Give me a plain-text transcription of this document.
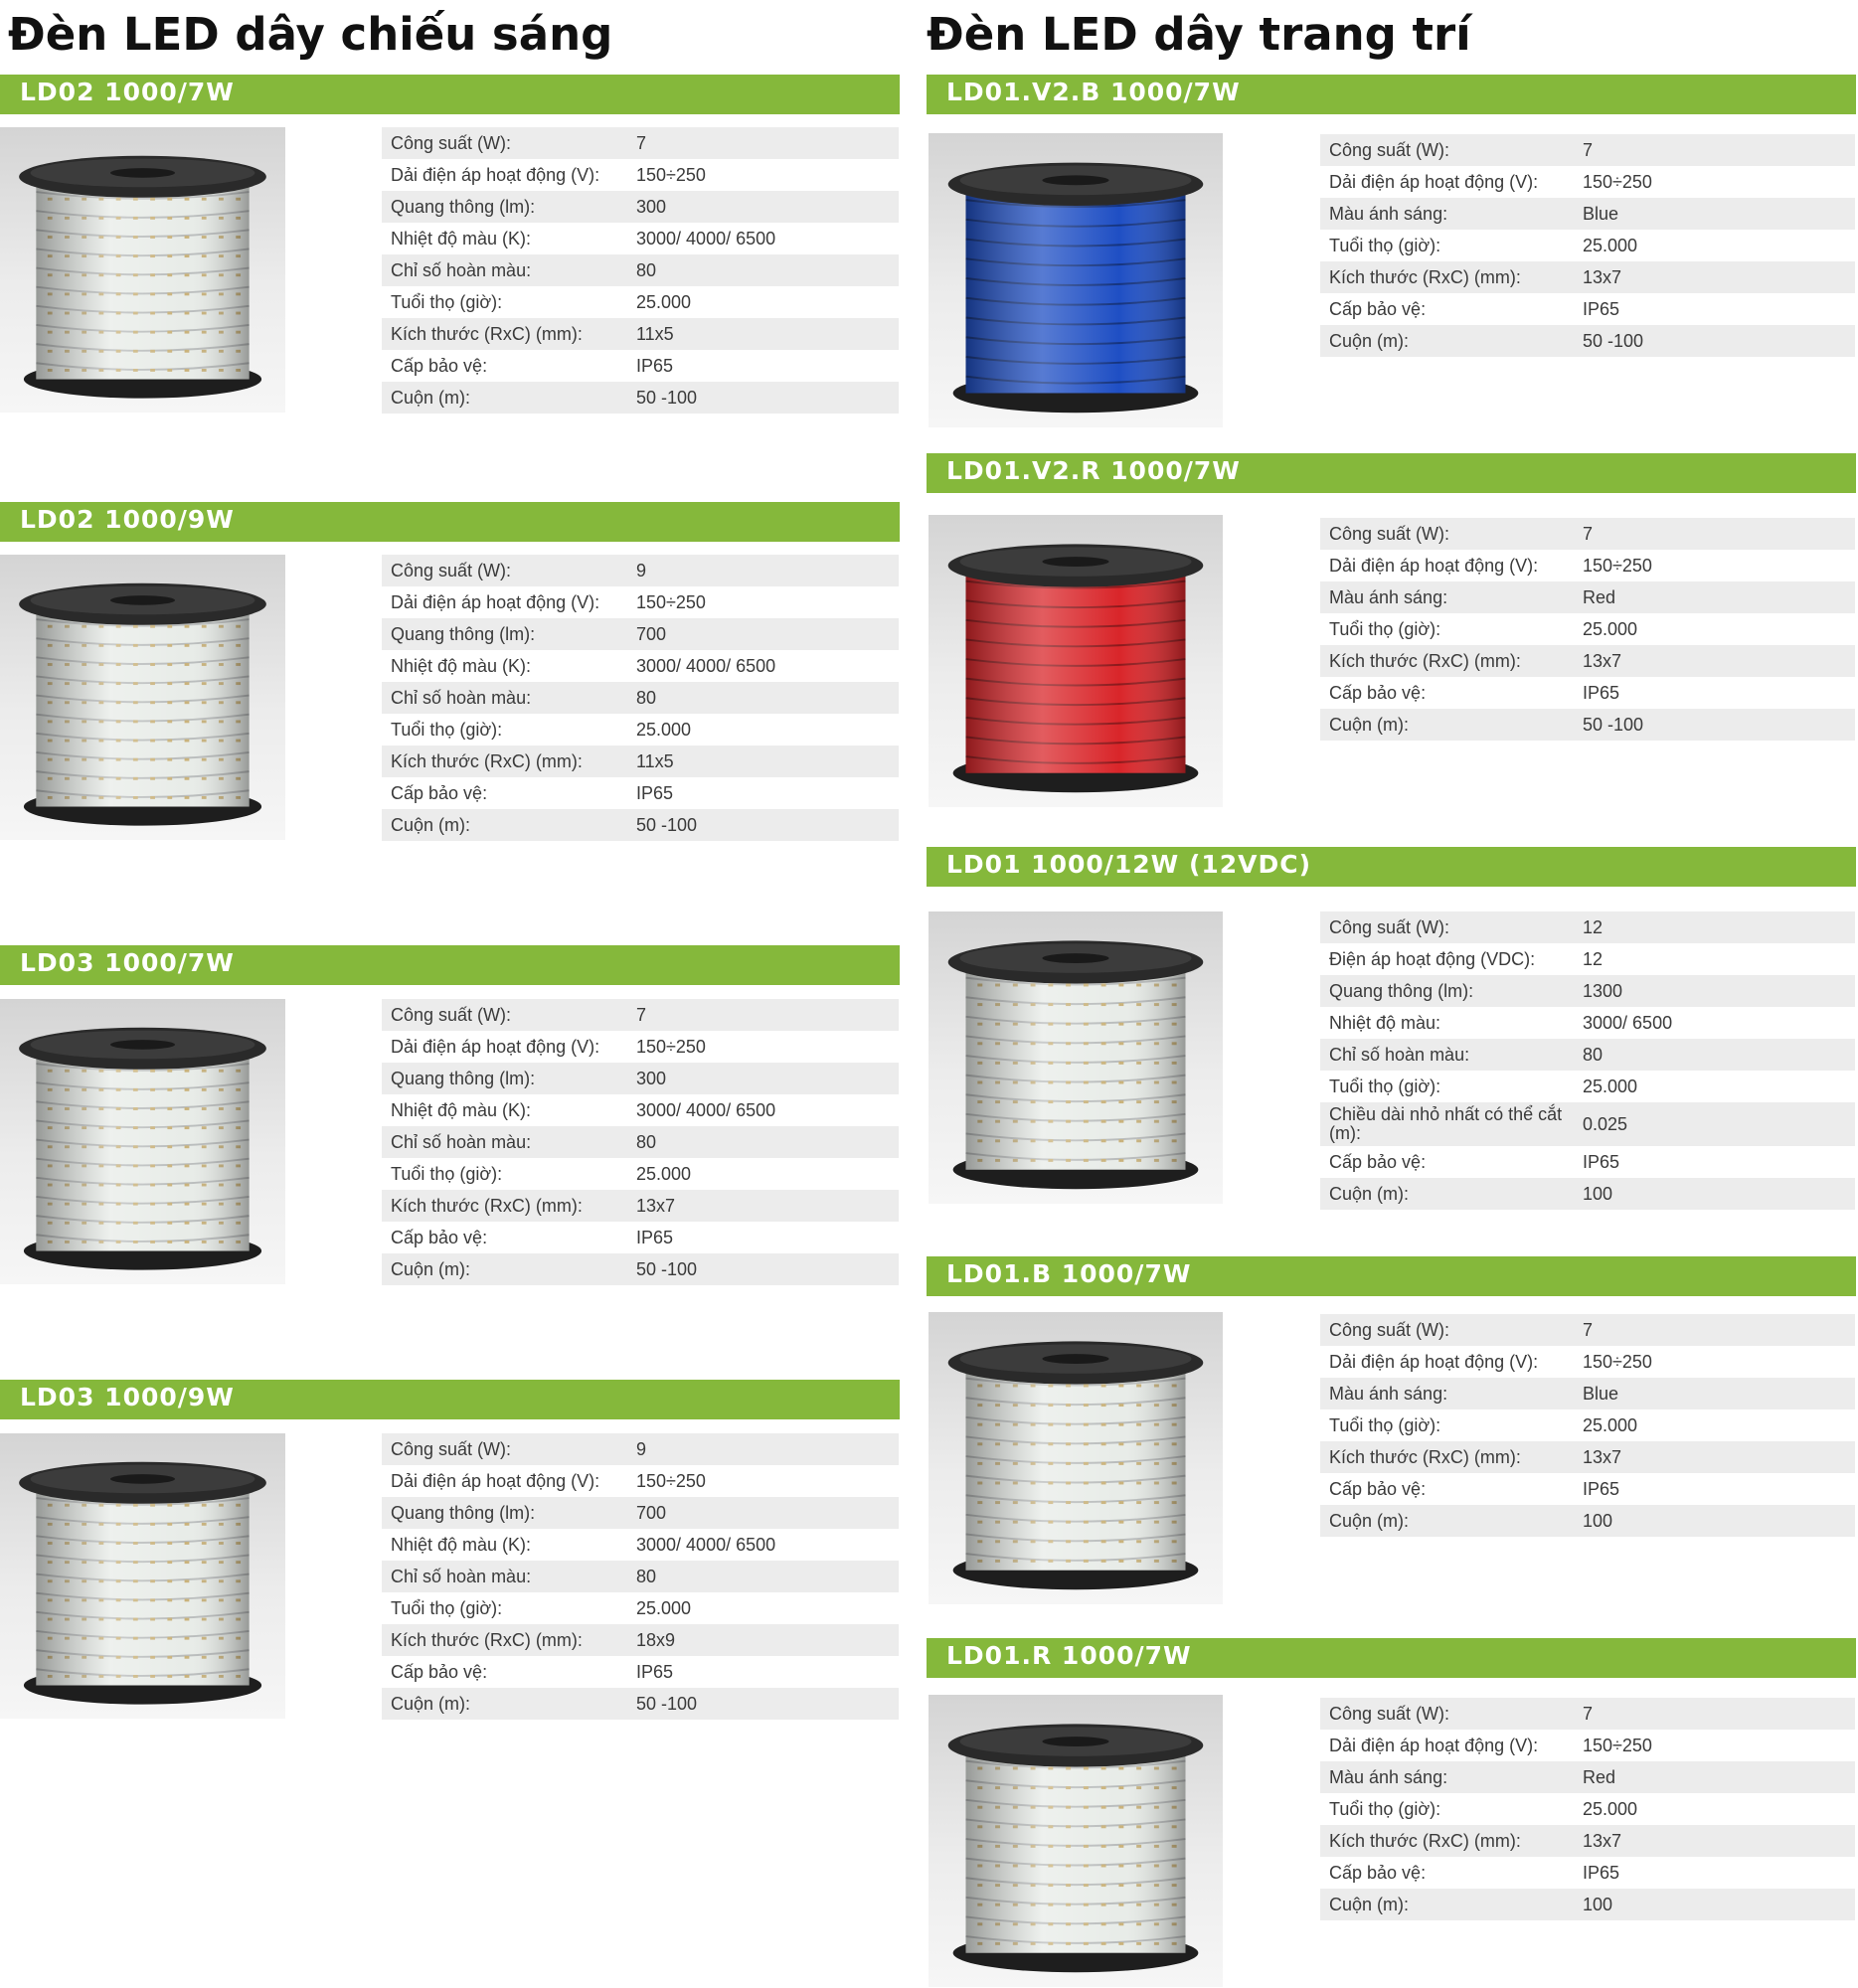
Đèn LED dây chiếu sáng	Đèn LED dây trang trí
LD02 1000/7W
Công suất (W):	7
Dải điện áp hoạt động (V): 150÷250
Quang thông (lm):	300
Nhiệt độ màu (K):	3000/ 4000/ 6500
Chỉ số hoàn màu:	80
Tuổi thọ (giờ):	25.000
Kích thước (RxC) (mm):	11x5
Cấp bảo vệ:	IP65
Cuộn (m):	50 -100
LD02 1000/9W
Công suất (W):	9
Dải điện áp hoạt động (V): 150÷250
Quang thông (lm):	700
Nhiệt độ màu (K):	3000/ 4000/ 6500
Chỉ số hoàn màu:	80
Tuổi thọ (giờ):	25.000
Kích thước (RxC) (mm):	11x5
Cấp bảo vệ:	IP65
Cuộn (m):	50 -100
LD03 1000/7W
Công suất (W):	7
Dải điện áp hoạt động (V): 150÷250
Quang thông (lm):	300
Nhiệt độ màu (K):	3000/ 4000/ 6500
Chỉ số hoàn màu:	80
Tuổi thọ (giờ):	25.000
Kích thước (RxC) (mm):	13x7
Cấp bảo vệ:	IP65
Cuộn (m):	50 -100
LD03 1000/9W
Công suất (W):	9
Dải điện áp hoạt động (V): 150÷250
Quang thông (lm):	700
Nhiệt độ màu (K):	3000/ 4000/ 6500
Chỉ số hoàn màu:	80
Tuổi thọ (giờ):	25.000
Kích thước (RxC) (mm):	18x9
Cấp bảo vệ:	IP65
Cuộn (m):	50 -100
LD01.V2.B 1000/7W
Công suất (W):	7
Dải điện áp hoạt động (V): 150÷250
Màu ánh sáng:	Blue
Tuổi thọ (giờ):	25.000
Kích thước (RxC) (mm):	13x7
Cấp bảo vệ:	IP65
Cuộn (m):	50 -100
LD01.V2.R 1000/7W
Công suất (W):	7
Dải điện áp hoạt động (V): 150÷250
Màu ánh sáng:	Red
Tuổi thọ (giờ):	25.000
Kích thước (RxC) (mm):	13x7
Cấp bảo vệ:	IP65
Cuộn (m):	50 -100
LD01 1000/12W (12VDC)
Công suất (W):	12
Điện áp hoạt động (VDC):	12
Quang thông (lm):	1300
Nhiệt độ màu:	3000/ 6500
Chỉ số hoàn màu:	80
Tuổi thọ (giờ):	25.000
Chiều dài nhỏ nhất có thể cắt (m):	0.025
Cấp bảo vệ:	IP65
Cuộn (m):	100
LD01.B 1000/7W
Công suất (W):	7
Dải điện áp hoạt động (V): 150÷250
Màu ánh sáng:	Blue
Tuổi thọ (giờ):	25.000
Kích thước (RxC) (mm):	13x7
Cấp bảo vệ:	IP65
Cuộn (m):	100
LD01.R 1000/7W
Công suất (W):	7
Dải điện áp hoạt động (V): 150÷250
Màu ánh sáng:	Red
Tuổi thọ (giờ):	25.000
Kích thước (RxC) (mm):	13x7
Cấp bảo vệ:	IP65
Cuộn (m):	100
